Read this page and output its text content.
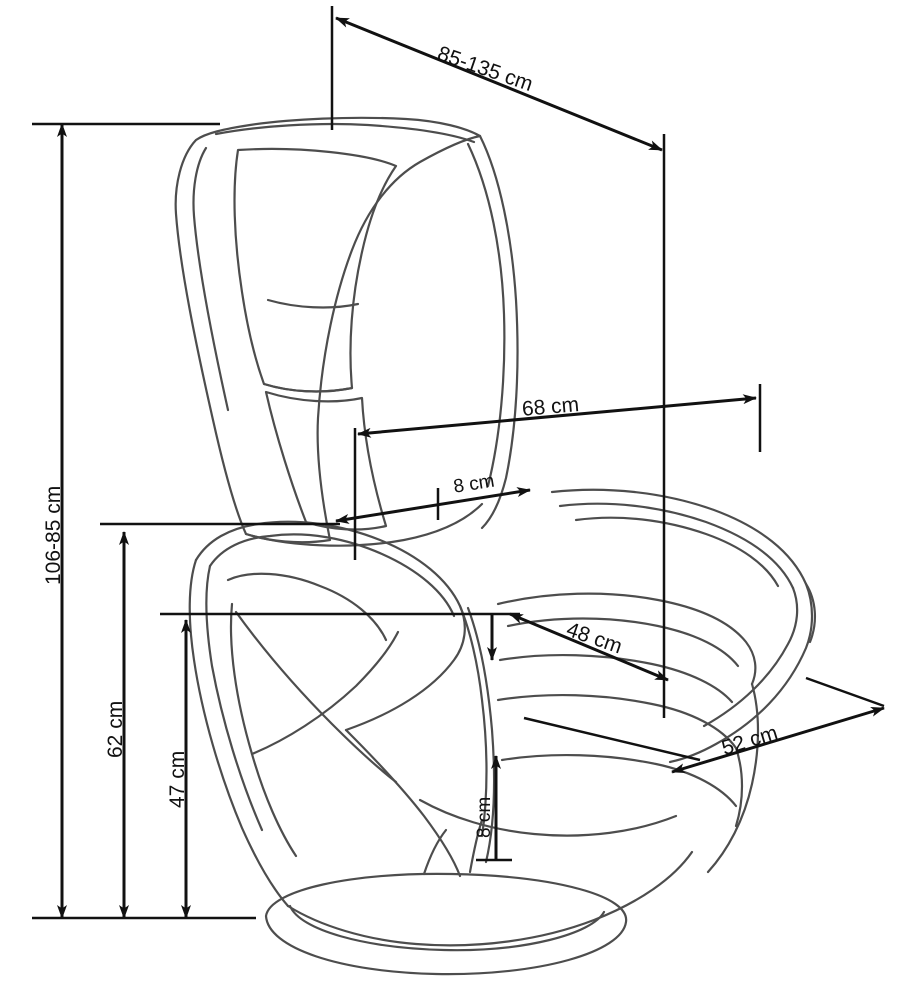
85-135 cm
106-85 cm
68 cm
8 cm
48 cm
52 cm
62 cm
47 cm
8 cm
